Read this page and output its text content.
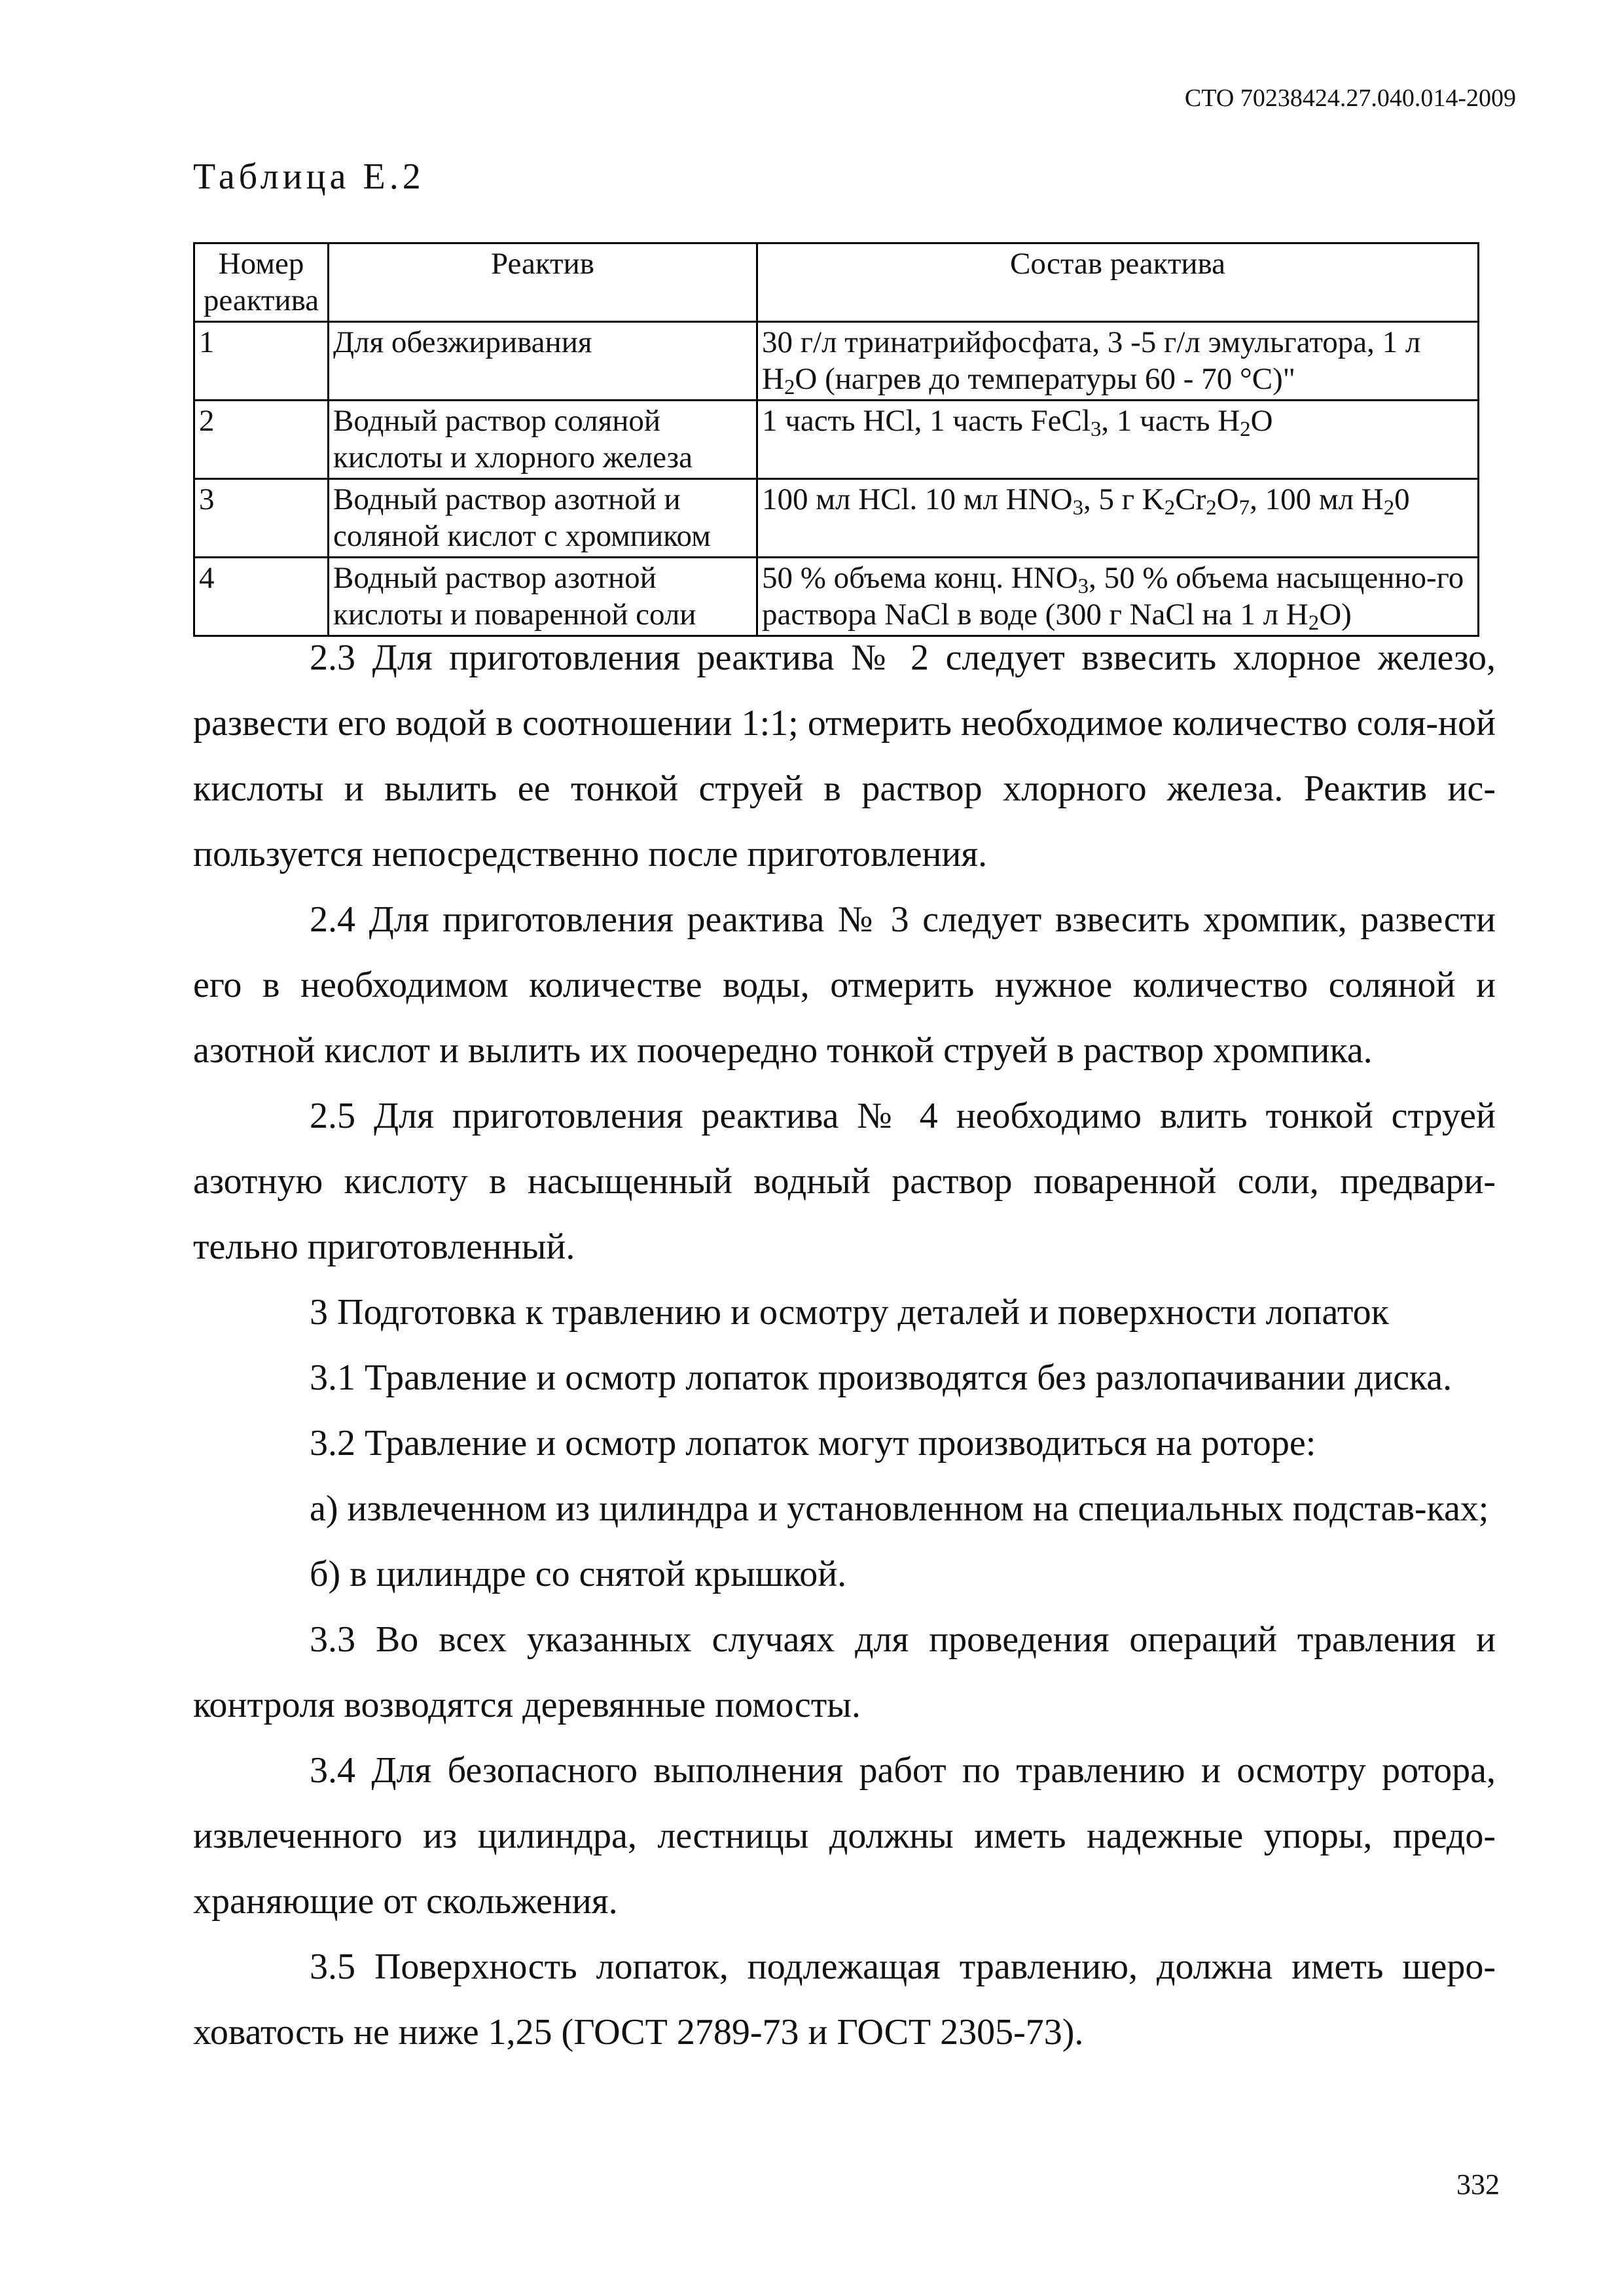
СТО 70238424.27.040.014-2009
Таблица Е.2
Номер реактива	Реактив	Состав реактива
1	Для обезжиривания	30 г/л тринатрийфосфата, 3 -5 г/л эмульгатора, 1 л $Н_2О$ (нагрев до температуры 60 - 70 °С)"
2	Водный раствор соляной кислоты и хлорного железа	1 часть HCl, 1 часть FeCl$_3$, 1 часть $H_2O$
3	Водный раствор азотной и соляной кислот с хромпиком	100 мл HCl. 10 мл $HNO_3$, 5 г $K_2Cr_2O_7$, 100 мл $H_20$
4	Водный раствор азотной кислоты и поваренной соли	50 % объема конц. $HNO_3$, 50 % объема насыщенно-го раствора NaCl в воде (300 г NaCl на 1 л $H_2O$)

2.3 Для приготовления реактива № 2 следует взвесить хлорное железо, развести его водой в соотношении 1:1; отмерить необходимое количество соля-ной кислоты и вылить ее тонкой струей в раствор хлорного железа. Реактив ис-пользуется непосредственно после приготовления.

2.4 Для приготовления реактива № 3 следует взвесить хромпик, развести его в необходимом количестве воды, отмерить нужное количество соляной и азотной кислот и вылить их поочередно тонкой струей в раствор хромпика.

2.5 Для приготовления реактива № 4 необходимо влить тонкой струей азотную кислоту в насыщенный водный раствор поваренной соли, предвари-тельно приготовленный.

3 Подготовка к травлению и осмотру деталей и поверхности лопаток

3.1 Травление и осмотр лопаток производятся без разлопачивании диска.

3.2 Травление и осмотр лопаток могут производиться на роторе:

а) извлеченном из цилиндра и установленном на специальных подстав-ках;

б) в цилиндре со снятой крышкой.

3.3 Во всех указанных случаях для проведения операций травления и контроля возводятся деревянные помосты.

3.4 Для безопасного выполнения работ по травлению и осмотру ротора, извлеченного из цилиндра, лестницы должны иметь надежные упоры, предо-храняющие от скольжения.

3.5 Поверхность лопаток, подлежащая травлению, должна иметь шеро-ховатость не ниже 1,25 (ГОСТ 2789-73 и ГОСТ 2305-73).

332
